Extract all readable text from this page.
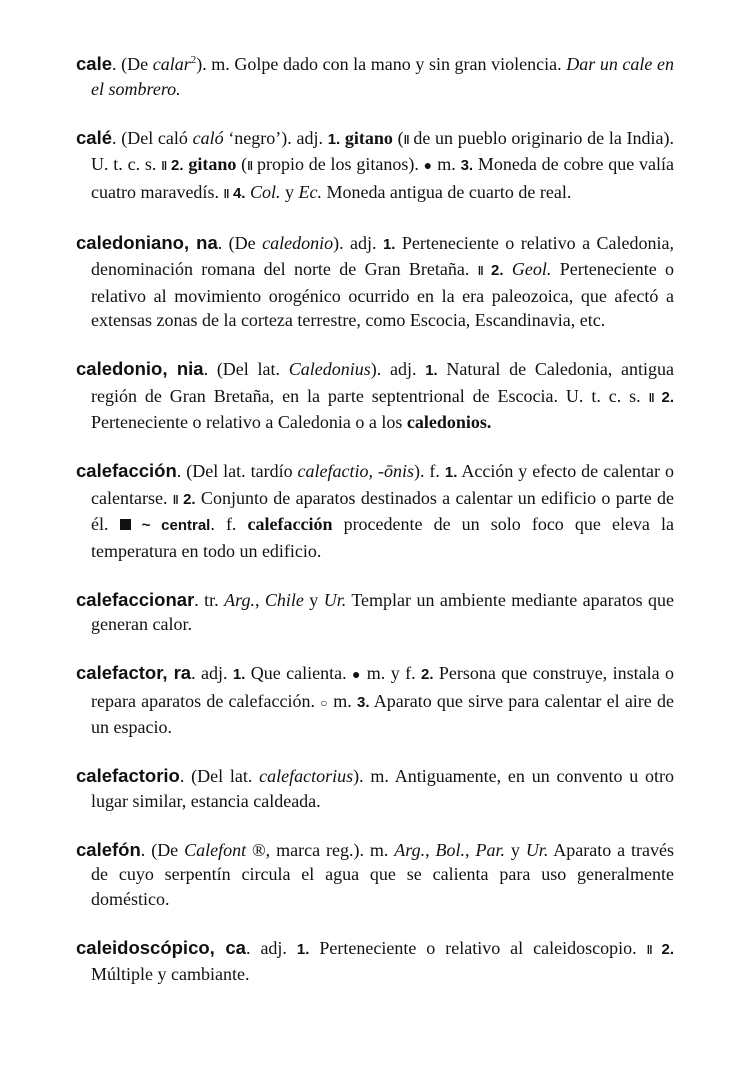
cale. (De calar$^2$). m. Golpe dado con la mano y sin gran violencia. Dar un cale en el sombrero.

calé. (Del caló caló ‘negro’). adj. 1. gitano (‖ de un pueblo originario de la India). U. t. c. s. ‖ 2. gitano (‖ propio de los gitanos). ● m. 3. Moneda de cobre que valía cuatro maravedís. ‖ 4. Col. y Ec. Moneda antigua de cuarto de real.

caledoniano, na. (De caledonio). adj. 1. Perteneciente o relativo a Caledonia, denominación romana del norte de Gran Bretaña. ‖ 2. Geol. Perteneciente o relativo al movimiento orogénico ocurrido en la era paleozoica, que afectó a extensas zonas de la corteza terrestre, como Escocia, Escandinavia, etc.

caledonio, nia. (Del lat. Caledonius). adj. 1. Natural de Caledonia, antigua región de Gran Bretaña, en la parte septentrional de Escocia. U. t. c. s. ‖ 2. Perteneciente o relativo a Caledonia o a los caledonios.

calefacción. (Del lat. tardío calefactio, -ōnis). f. 1. Acción y efecto de calentar o calentarse. ‖ 2. Conjunto de aparatos destinados a calentar un edificio o parte de él.  ~ central. f. calefacción procedente de un solo foco que eleva la temperatura en todo un edificio.

calefaccionar. tr. Arg., Chile y Ur. Templar un ambiente mediante aparatos que generan calor.

calefactor, ra. adj. 1. Que calienta. ● m. y f. 2. Persona que construye, instala o repara aparatos de calefacción. ○ m. 3. Aparato que sirve para calentar el aire de un espacio.

calefactorio. (Del lat. calefactorius). m. Antiguamente, en un convento u otro lugar similar, estancia caldeada.

calefón. (De Calefont ®, marca reg.). m. Arg., Bol., Par. y Ur. Aparato a través de cuyo serpentín circula el agua que se calienta para uso generalmente doméstico.

caleidoscópico, ca. adj. 1. Perteneciente o relativo al caleidoscopio. ‖ 2. Múltiple y cambiante.
